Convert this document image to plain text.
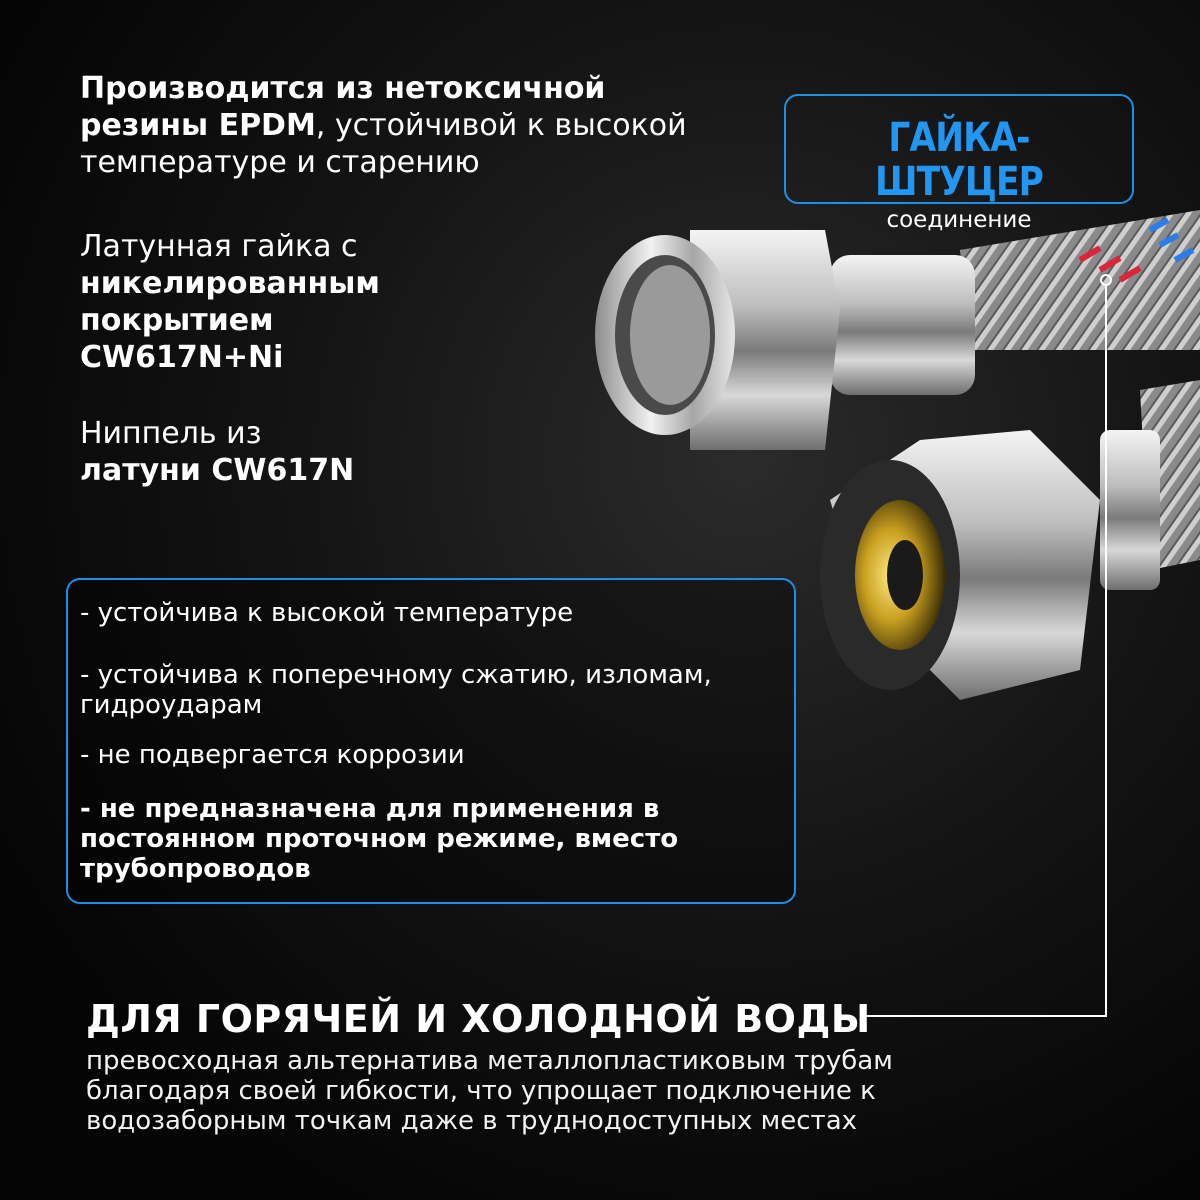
Производится из нетоксичной резины EPDM, устойчивой к высокой температуре и старению
Латунная гайка с
никелированным покрытием CW617N+Ni
Ниппель из
латуни CW617N
ГАЙКА-ШТУЦЕР
соединение
- устойчива к высокой температуре
- устойчива к поперечному сжатию, изломам, гидроударам
- не подвергается коррозии
- не предназначена для применения в постоянном проточном режиме, вместо трубопроводов
ДЛЯ ГОРЯЧЕЙ И ХОЛОДНОЙ ВОДЫ
превосходная альтернатива металлопластиковым трубам благодаря своей гибкости, что упрощает подключение к водозаборным точкам даже в труднодоступных местах
